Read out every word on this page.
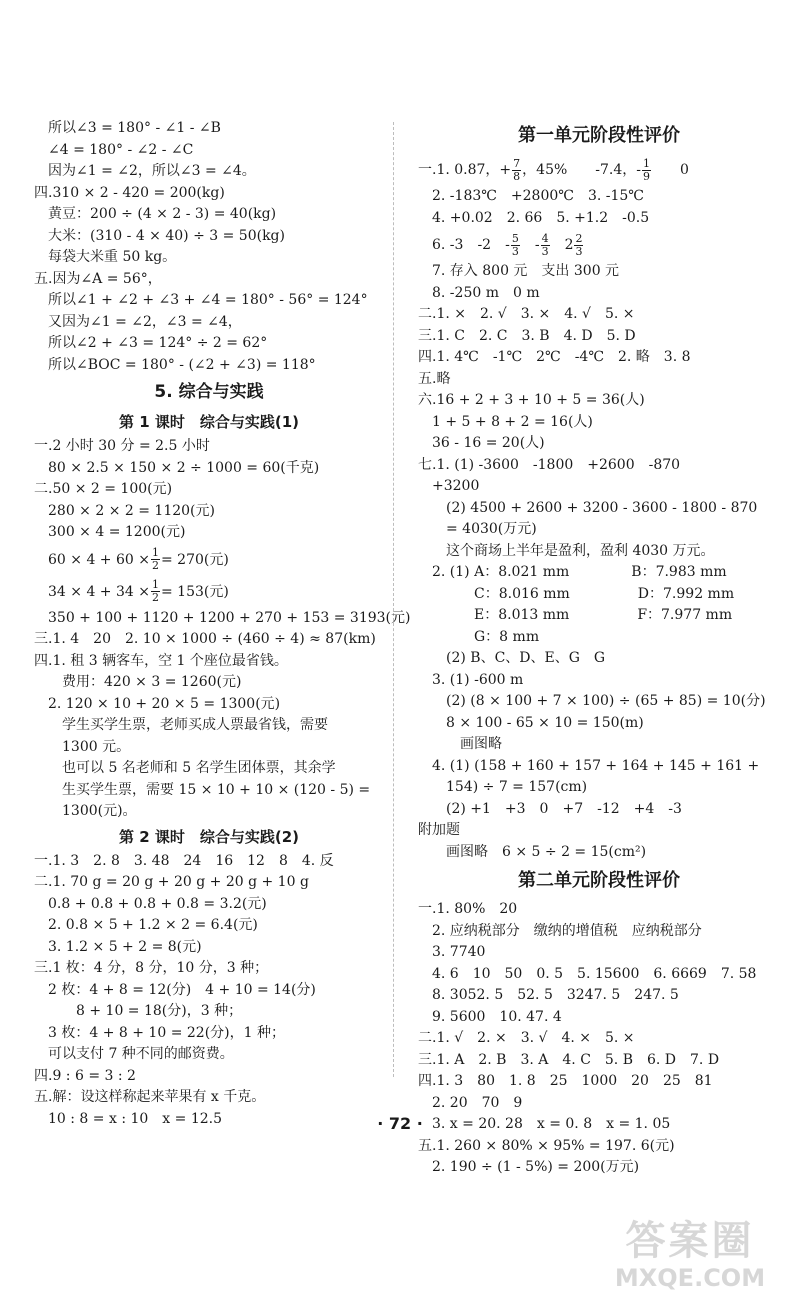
所以∠3 = 180° - ∠1 - ∠B
∠4 = 180° - ∠2 - ∠C
因为∠1 = ∠2，所以∠3 = ∠4。
四.310 × 2 - 420 = 200(kg)
黄豆：200 ÷ (4 × 2 - 3) = 40(kg)
大米：(310 - 4 × 40) ÷ 3 = 50(kg)
每袋大米重 50 kg。
五.因为∠A = 56°，
所以∠1 + ∠2 + ∠3 + ∠4 = 180° - 56° = 124°
又因为∠1 = ∠2，∠3 = ∠4，
所以∠2 + ∠3 = 124° ÷ 2 = 62°
所以∠BOC = 180° - (∠2 + ∠3) = 118°
5. 综合与实践
第 1 课时　综合与实践(1)
一.2 小时 30 分 = 2.5 小时
80 × 2.5 × 150 × 2 ÷ 1000 = 60(千克)
二.50 × 2 = 100(元)
280 × 2 × 2 = 1120(元)
300 × 4 = 1200(元)
$60 \times 4 + 60 \times \frac{1}{2} = 270$(元)
$34 \times 4 + 34 \times \frac{1}{2} = 153$(元)
350 + 100 + 1120 + 1200 + 270 + 153 = 3193(元)
三.1. 4　20　2. 10 × 1000 ÷ (460 ÷ 4) ≈ 87(km)
四.1. 租 3 辆客车，空 1 个座位最省钱。
费用：420 × 3 = 1260(元)
2. 120 × 10 + 20 × 5 = 1300(元)
学生买学生票，老师买成人票最省钱，需要
1300 元。
也可以 5 名老师和 5 名学生团体票，其余学
生买学生票，需要 15 × 10 + 10 × (120 - 5) =
1300(元)。
第 2 课时　综合与实践(2)
一.1. 3　2. 8　3. 48　24　16　12　8　4. 反
二.1. 70 g = 20 g + 20 g + 20 g + 10 g
0.8 + 0.8 + 0.8 + 0.8 = 3.2(元)
2. 0.8 × 5 + 1.2 × 2 = 6.4(元)
3. 1.2 × 5 + 2 = 8(元)
三.1 枚：4 分，8 分，10 分，3 种；
2 枚：4 + 8 = 12(分)　4 + 10 = 14(分)
8 + 10 = 18(分)，3 种；
3 枚：4 + 8 + 10 = 22(分)，1 种；
可以支付 7 种不同的邮资费。
四.9 : 6 = 3 : 2
五.解：设这样称起来苹果有 x 千克。
10 : 8 = x : 10　x = 12.5
第一单元阶段性评价
一.1. 0.87，+ $\frac{7}{8}$ ，45%　　-7.4，- $\frac{1}{9}$
　　 0
2. -183℃　+2800℃　3. -15℃
4. +0.02　2. 66　5. +1.2　-0.5
6. -3　-2　- $\frac{5}{3}$
　 - $\frac{4}{3}$
　 $2 \frac{2}{3}$
7. 存入 800 元　支出 300 元
8. -250 m　0 m
二.1. ×　2. √　3. ×　4. √　5. ×
三.1. C　2. C　3. B　4. D　5. D
四.1. 4℃　-1℃　2℃　-4℃　2. 略　3. 8
五.略
六.16 + 2 + 3 + 10 + 5 = 36(人)
1 + 5 + 8 + 2 = 16(人)
36 - 16 = 20(人)
七.1. (1) -3600　-1800　+2600　-870
+3200
(2) 4500 + 2600 + 3200 - 3600 - 1800 - 870
= 4030(万元)
这个商场上半年是盈利，盈利 4030 万元。
2. (1) A：8.021 mm	B：7.983 mm
C：8.016 mm	D：7.992 mm
E：8.013 mm	F：7.977 mm
G：8 mm
(2) B、C、D、E、G　G
3. (1) -600 m
(2) (8 × 100 + 7 × 100) ÷ (65 + 85) = 10(分)
8 × 100 - 65 × 10 = 150(m)
画图略
4. (1) (158 + 160 + 157 + 164 + 145 + 161 +
154) ÷ 7 = 157(cm)
(2) +1　+3　0　+7　-12　+4　-3
附加题
画图略　6 × 5 ÷ 2 = 15(cm²)
第二单元阶段性评价
一.1. 80%　20
2. 应纳税部分　缴纳的增值税　应纳税部分
3. 7740
4. 6　10　50　0. 5　5. 15600　6. 6669　7. 58
8. 3052. 5　52. 5　3247. 5　247. 5
9. 5600　10. 47. 4
二.1. √　2. ×　3. √　4. ×　5. ×
三.1. A　2. B　3. A　4. C　5. B　6. D　7. D
四.1. 3　80　1. 8　25　1000　20　25　81
2. 20　70　9
3. x = 20. 28　x = 0. 8　x = 1. 05
五.1. 260 × 80% × 95% = 197. 6(元)
2. 190 ÷ (1 - 5%) = 200(万元)
· 72 ·
答案圈
MXQE.COM
